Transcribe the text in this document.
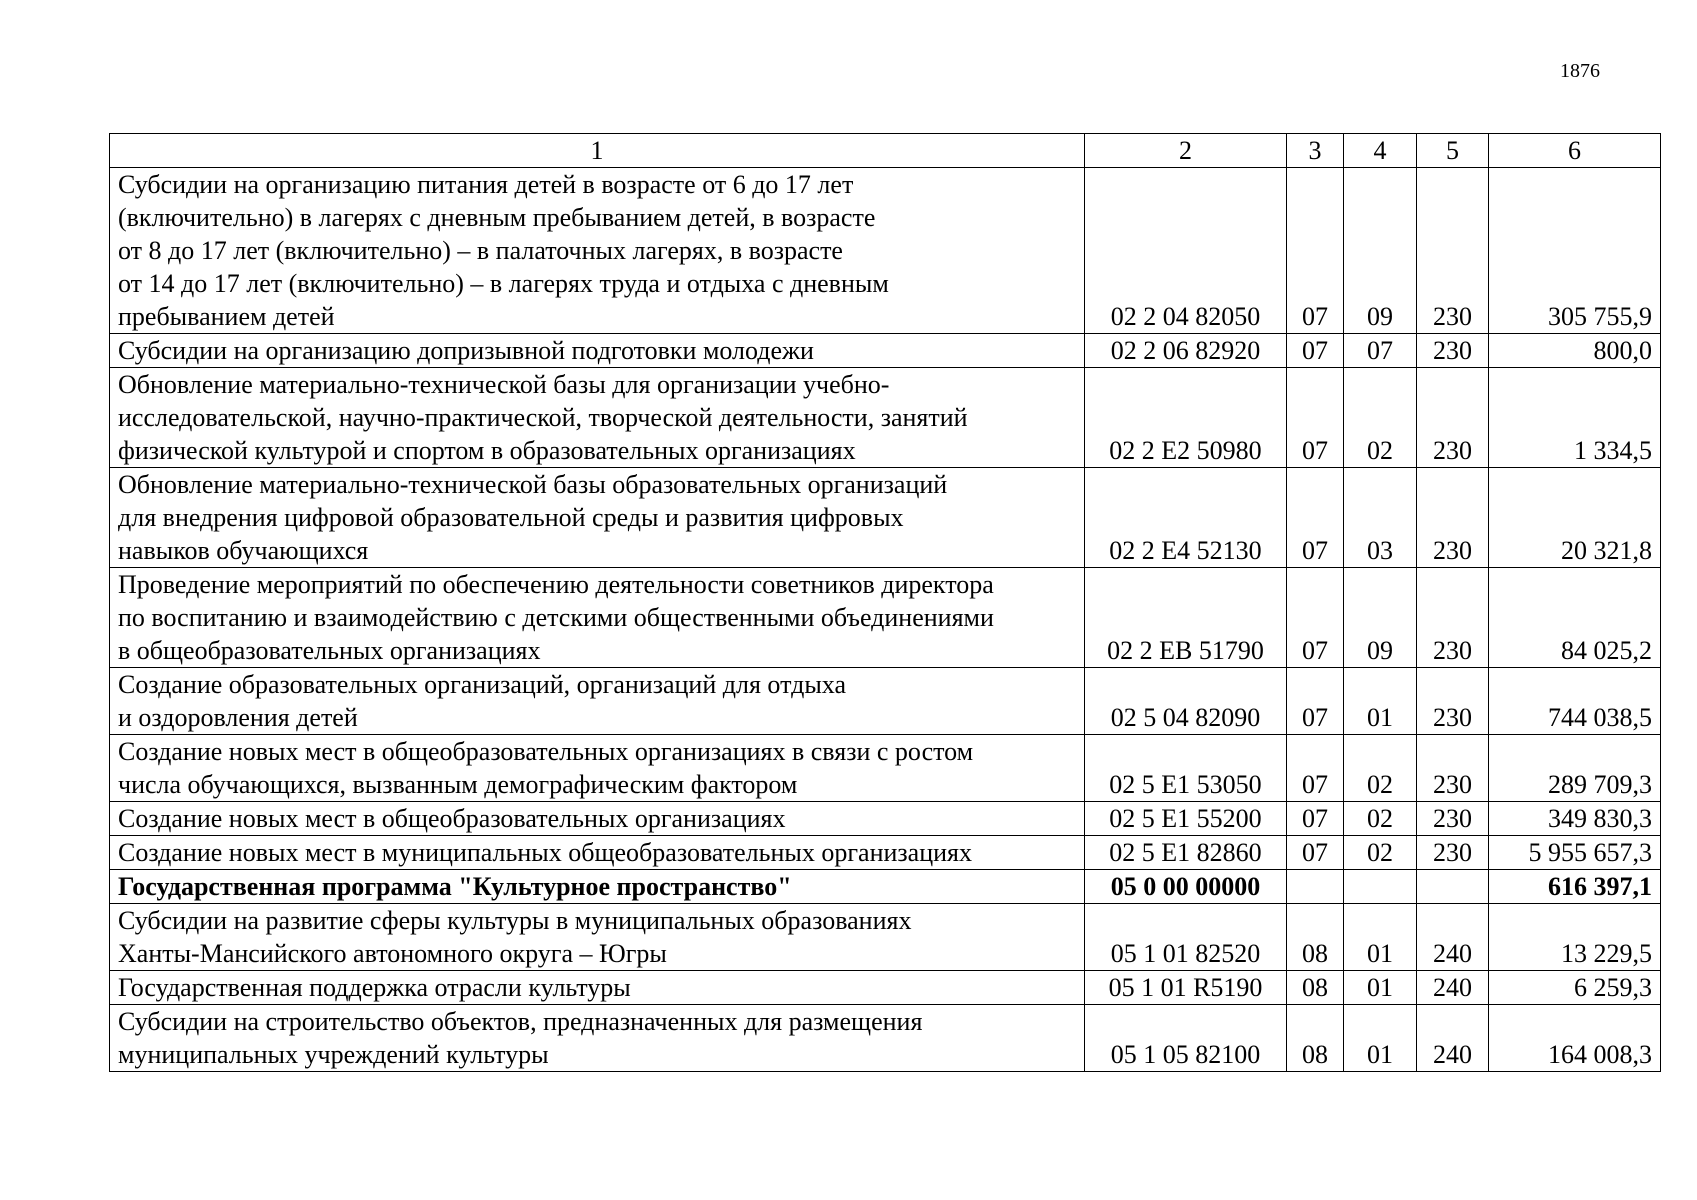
1876
1	2	3	4	5	6

Субсидии на организацию питания детей в возрасте от 6 до 17 лет
(включительно) в лагерях с дневным пребыванием детей, в возрасте
от 8 до 17 лет (включительно) – в палаточных лагерях, в возрасте
от 14 до 17 лет (включительно) – в лагерях труда и отдыха с дневным
пребыванием детей	02 2 04 82050	07	09	230	305 755,9

Субсидии на организацию допризывной подготовки молодежи	02 2 06 82920	07	07	230	800,0

Обновление материально-технической базы для организации учебно-
исследовательской, научно-практической, творческой деятельности, занятий
физической культурой и спортом в образовательных организациях	02 2 E2 50980	07	02	230	1 334,5

Обновление материально-технической базы образовательных организаций
для внедрения цифровой образовательной среды и развития цифровых
навыков обучающихся	02 2 E4 52130	07	03	230	20 321,8

Проведение мероприятий по обеспечению деятельности советников директора
по воспитанию и взаимодействию с детскими общественными объединениями
в общеобразовательных организациях	02 2 EB 51790	07	09	230	84 025,2

Создание образовательных организаций, организаций для отдыха
и оздоровления детей	02 5 04 82090	07	01	230	744 038,5

Создание новых мест в общеобразовательных организациях в связи с ростом
числа обучающихся, вызванным демографическим фактором	02 5 E1 53050	07	02	230	289 709,3

Создание новых мест в общеобразовательных организациях	02 5 E1 55200	07	02	230	349 830,3

Создание новых мест в муниципальных общеобразовательных организациях	02 5 E1 82860	07	02	230	5 955 657,3

Государственная программа "Культурное пространство"	05 0 00 00000				616 397,1

Субсидии на развитие сферы культуры в муниципальных образованиях
Ханты-Мансийского автономного округа – Югры	05 1 01 82520	08	01	240	13 229,5

Государственная поддержка отрасли культуры	05 1 01 R5190	08	01	240	6 259,3

Субсидии на строительство объектов, предназначенных для размещения
муниципальных учреждений культуры	05 1 05 82100	08	01	240	164 008,3
